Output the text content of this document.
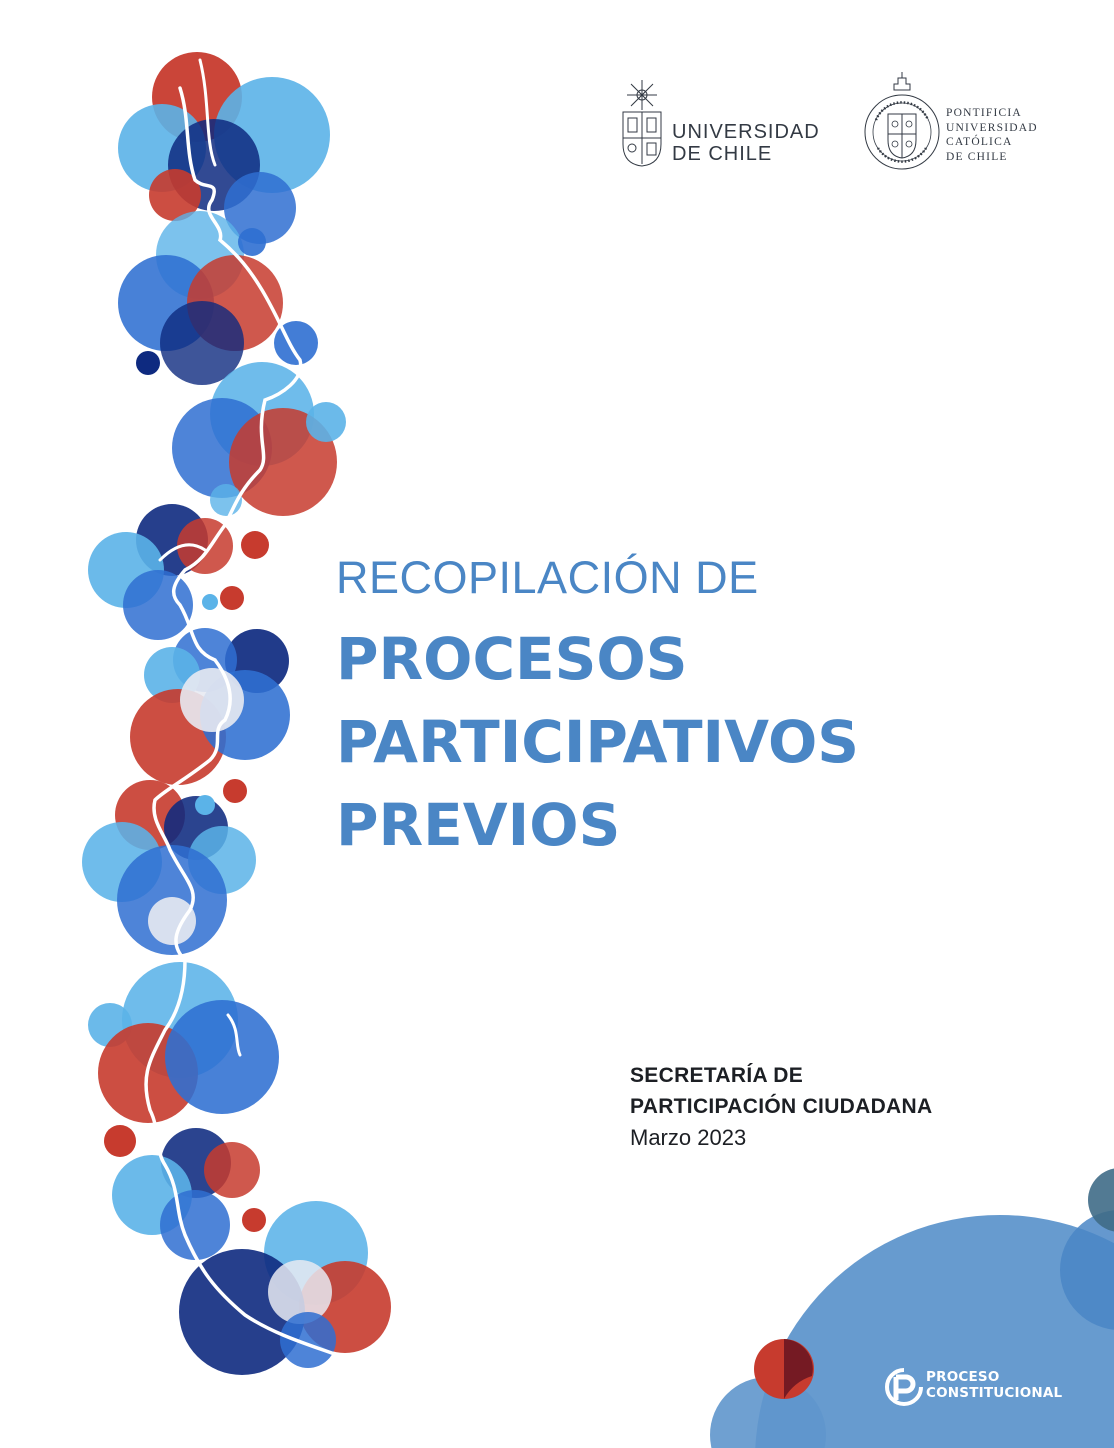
UNIVERSIDAD
DE CHILE
PONTIFICIA
UNIVERSIDAD
CATÓLICA
DE CHILE
RECOPILACIÓN DE
PROCESOS
PARTICIPATIVOS
PREVIOS
SECRETARÍA DE
PARTICIPACIÓN CIUDADANA
Marzo 2023
PROCESO
CONSTITUCIONAL
